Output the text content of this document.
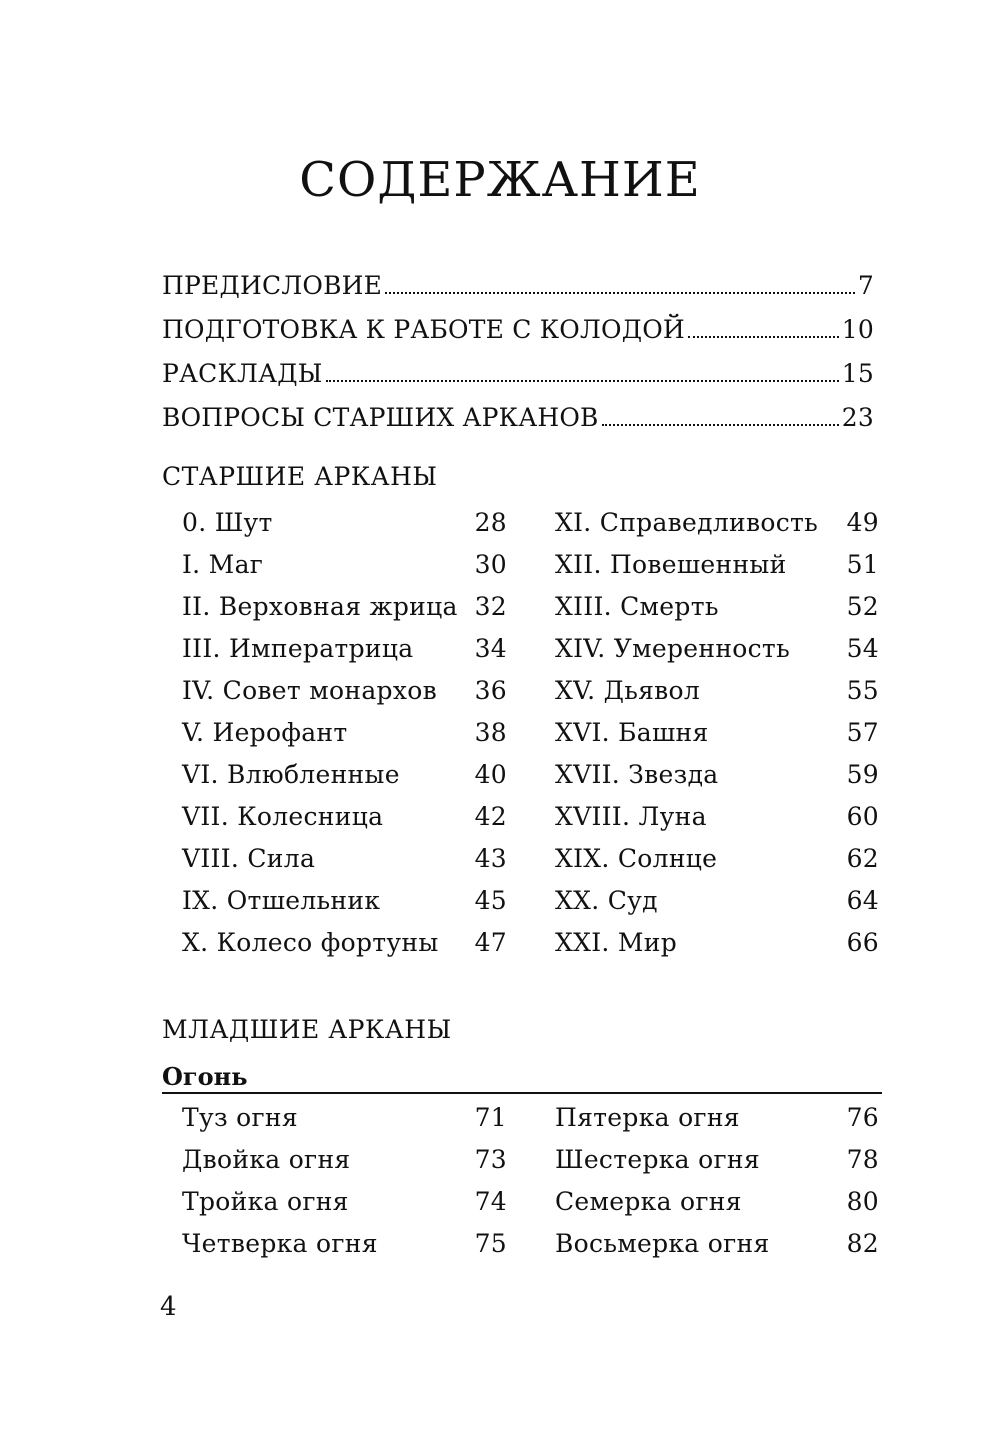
СОДЕРЖАНИЕ
ПРЕДИСЛОВИЕ	7
ПОДГОТОВКА К РАБОТЕ С КОЛОДОЙ	10
РАСКЛАДЫ	15
ВОПРОСЫ СТАРШИХ АРКАНОВ	23
СТАРШИЕ АРКАНЫ
0. Шут	28 XI. Справедливость 49
I. Маг	30 XII. Повешенный 51
II. Верховная жрица 32 XIII. Смерть	52
III. Императрица 34 XIV. Умеренность 54
IV. Совет монархов 36 XV. Дьявол	55
V. Иерофант	38 XVI. Башня	57
VI. Влюбленные	40 XVII. Звезда	59
VII. Колесница	42 XVIII. Луна	60
VIII. Сила	43 XIX. Солнце	62
IX. Отшельник	45 XX. Суд	64
X. Колесо фортуны 47 XXI. Мир	66
МЛАДШИЕ АРКАНЫ
Огонь
Туз огня	71 Пятерка огня	76
Двойка огня	73 Шестерка огня	78
Тройка огня	74 Семерка огня	80
Четверка огня	75 Восьмерка огня	82
4
